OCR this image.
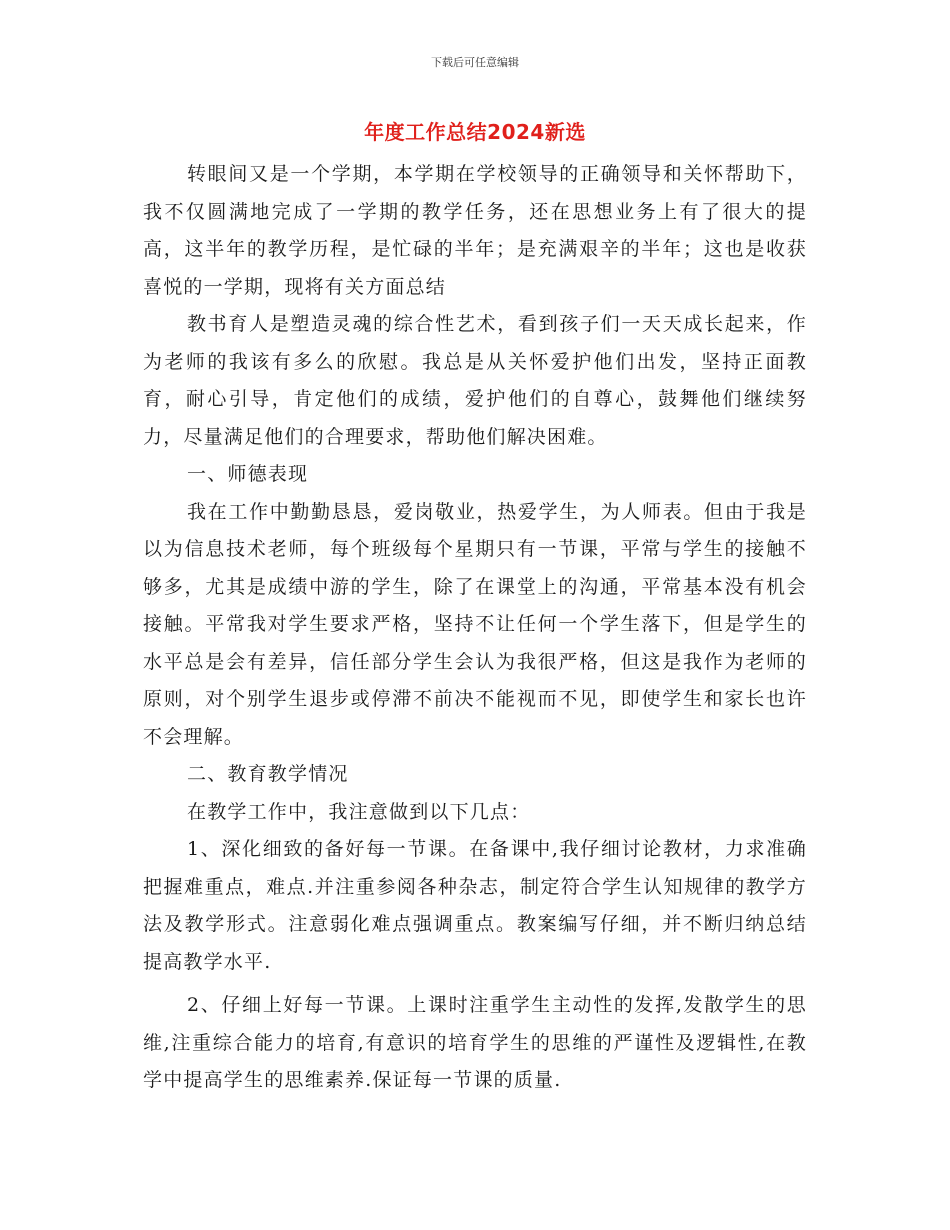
下载后可任意编辑
年度工作总结2024新选

转眼间又是一个学期，本学期在学校领导的正确领导和关怀帮助下，我不仅圆满地完成了一学期的教学任务，还在思想业务上有了很大的提高，这半年的教学历程，是忙碌的半年；是充满艰辛的半年；这也是收获喜悦的一学期，现将有关方面总结

教书育人是塑造灵魂的综合性艺术，看到孩子们一天天成长起来，作为老师的我该有多么的欣慰。我总是从关怀爱护他们出发，坚持正面教育，耐心引导，肯定他们的成绩，爱护他们的自尊心，鼓舞他们继续努力，尽量满足他们的合理要求，帮助他们解决困难。

一、师德表现

我在工作中勤勤恳恳，爱岗敬业，热爱学生，为人师表。但由于我是以为信息技术老师，每个班级每个星期只有一节课，平常与学生的接触不够多，尤其是成绩中游的学生，除了在课堂上的沟通，平常基本没有机会接触。平常我对学生要求严格，坚持不让任何一个学生落下，但是学生的水平总是会有差异，信任部分学生会认为我很严格，但这是我作为老师的原则，对个别学生退步或停滞不前决不能视而不见，即使学生和家长也许不会理解。

二、教育教学情况

在教学工作中，我注意做到以下几点：

1、深化细致的备好每一节课。在备课中,我仔细讨论教材，力求准确把握难重点，难点.并注重参阅各种杂志，制定符合学生认知规律的教学方法及教学形式。注意弱化难点强调重点。教案编写仔细，并不断归纳总结提高教学水平.

2、仔细上好每一节课。上课时注重学生主动性的发挥,发散学生的思维,注重综合能力的培育,有意识的培育学生的思维的严谨性及逻辑性,在教学中提高学生的思维素养.保证每一节课的质量.
